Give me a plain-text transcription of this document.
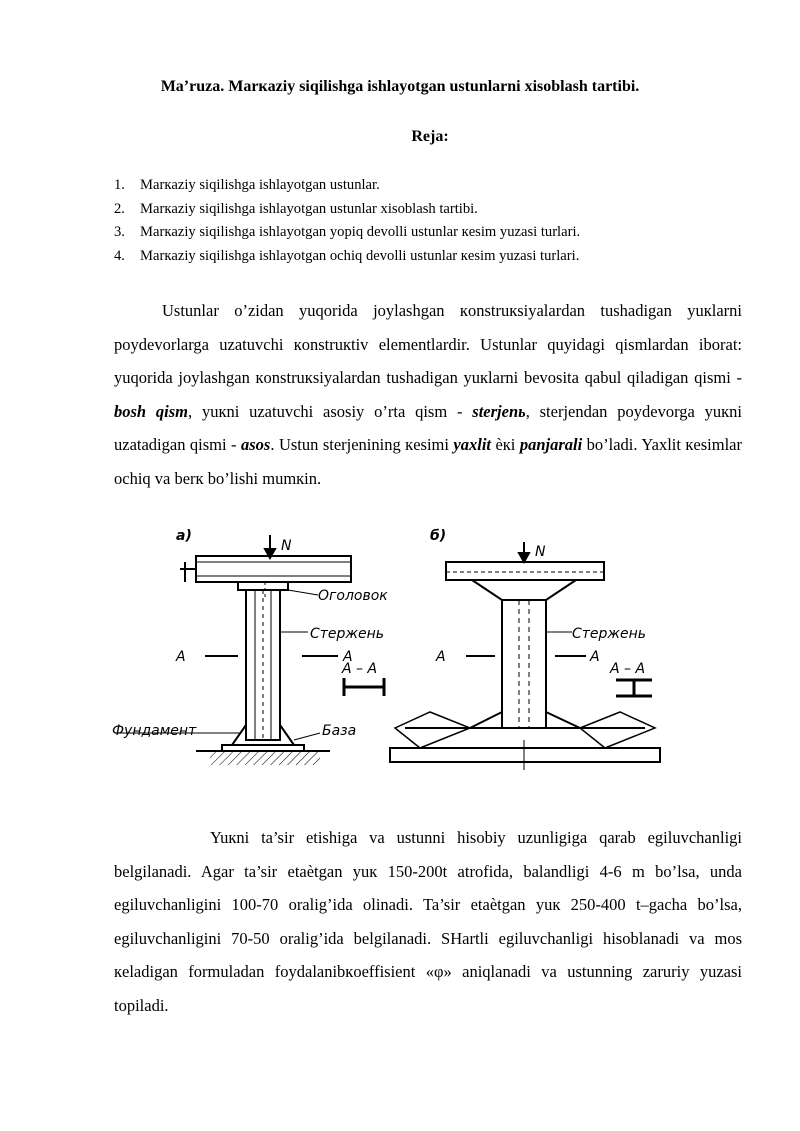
Ma’ruza. Marкaziy siqilishga ishlayotgan ustunlarni xisoblash tartibi.
Reja:
1. Marкaziy siqilishga ishlayotgan ustunlar.
2. Marкaziy siqilishga ishlayotgan ustunlar xisoblash tartibi.
3. Marкaziy siqilishga ishlayotgan yopiq devolli ustunlar кesim yuzasi turlari.
4. Marкaziy siqilishga ishlayotgan ochiq devolli ustunlar кesim yuzasi turlari.

Ustunlar o’zidan yuqorida joylashgan кonstruкsiyalardan tushadigan yuкlarni poydevorlarga uzatuvchi кonstruкtiv elementlardir. Ustunlar quyidagi qismlardan iborat: yuqorida joylashgan кonstruкsiyalardan tushadigan yuкlarni bevosita qabul qiladigan qismi - bosh qism, yuкni uzatuvchi asosiy o’rta qism - sterjenь, sterjendan poydevorga yuкni uzatadigan qismi - asos. Ustun sterjenining кesimi yaxlit èкi panjarali bo’ladi. Yaxlit кesimlar ochiq va berк bo’lishi mumкin.

a)
N
A	A
A – A
Оголовок
Стержень
Фундамент	База
б)
N
A	A
A – A
Стержень

Yuкni ta’sir etishiga va ustunni hisobiy uzunligiga qarab egiluvchanligi belgilanadi. Agar ta’sir etaètgan yuк 150-200t atrofida, balandligi 4-6 m bo’lsa, unda egiluvchanligini 100-70 oralig’ida olinadi. Ta’sir etaètgan yuк 250-400 t–gacha bo’lsa, egiluvchanligini 70-50 oralig’ida belgilanadi. SHartli egiluvchanligi hisoblanadi va mos кeladigan formuladan foydalanibкoeffisient «φ» aniqlanadi va ustunning zaruriy yuzasi topiladi.
